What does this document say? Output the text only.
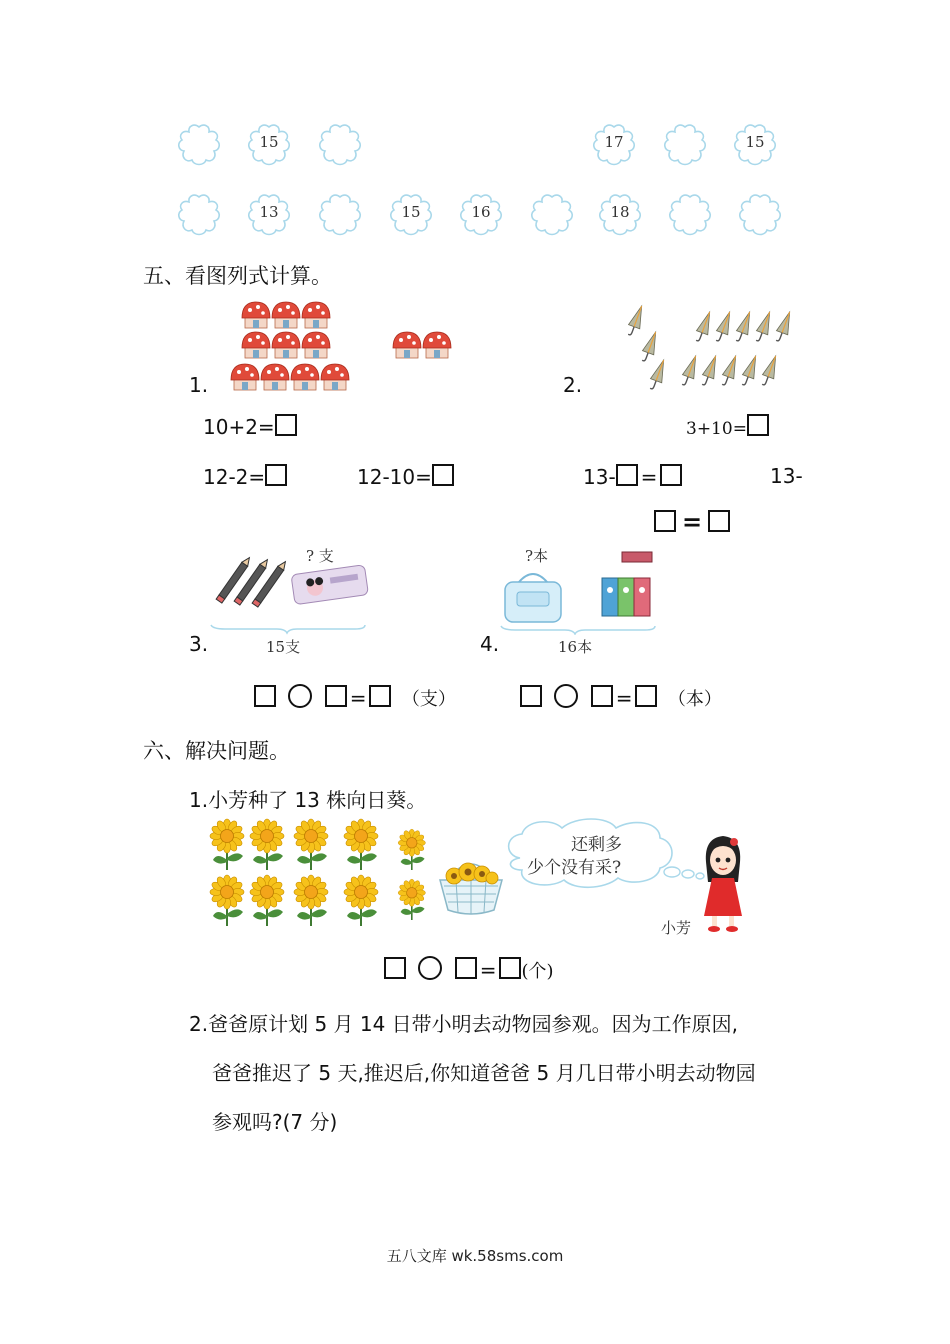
15	17	15
13	15	16	18
五、看图列式计算。
1.
10+2=
12-2=	12-10=
2.
3+10=
13- =	13-
=
? 支
3.	15支
= （支）
?本
4.	16本
= （本）
六、解决问题。
1.小芳种了 13 株向日葵。
还剩多
少个没有采?
小芳
= (个)
2.爸爸原计划 5 月 14 日带小明去动物园参观。因为工作原因,
爸爸推迟了 5 天,推迟后,你知道爸爸 5 月几日带小明去动物园
参观吗?(7 分)
五八文库 wk.58sms.com
